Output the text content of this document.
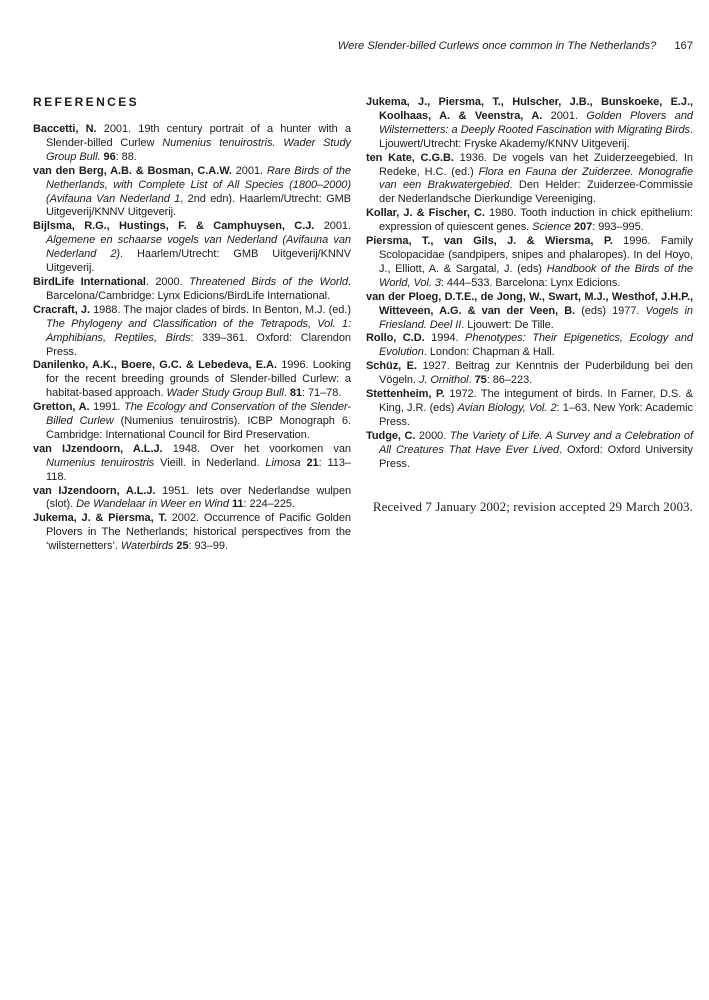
Were Slender-billed Curlews once common in The Netherlands? 167
REFERENCES

Baccetti, N. 2001. 19th century portrait of a hunter with a Slender-billed Curlew Numenius tenuirostris. Wader Study Group Bull. 96: 88.

van den Berg, A.B. & Bosman, C.A.W. 2001. Rare Birds of the Netherlands, with Complete List of All Species (1800–2000) (Avifauna Van Nederland 1, 2nd edn). Haarlem/Utrecht: GMB Uitgeverij/KNNV Uitgeverij.

Bijlsma, R.G., Hustings, F. & Camphuysen, C.J. 2001. Algemene en schaarse vogels van Nederland (Avifauna van Nederland 2). Haarlem/Utrecht: GMB Uitgeverij/KNNV Uitgeverij.

BirdLife International. 2000. Threatened Birds of the World. Barcelona/Cambridge: Lynx Edicions/BirdLife International.

Cracraft, J. 1988. The major clades of birds. In Benton, M.J. (ed.) The Phylogeny and Classification of the Tetrapods, Vol. 1: Amphibians, Reptiles, Birds: 339–361. Oxford: Clarendon Press.

Danilenko, A.K., Boere, G.C. & Lebedeva, E.A. 1996. Looking for the recent breeding grounds of Slender-billed Curlew: a habitat-based approach. Wader Study Group Bull. 81: 71–78.

Gretton, A. 1991. The Ecology and Conservation of the Slender-Billed Curlew (Numenius tenuirostris). ICBP Monograph 6. Cambridge: International Council for Bird Preservation.

van IJzendoorn, A.L.J. 1948. Over het voorkomen van Numenius tenuirostris Vieill. in Nederland. Limosa 21: 113–118.

van IJzendoorn, A.L.J. 1951. Iets over Nederlandse wulpen (slot). De Wandelaar in Weer en Wind 11: 224–225.

Jukema, J. & Piersma, T. 2002. Occurrence of Pacific Golden Plovers in The Netherlands; historical perspectives from the ‘wilsternetters’. Waterbirds 25: 93–99.

Jukema, J., Piersma, T., Hulscher, J.B., Bunskoeke, E.J., Koolhaas, A. & Veenstra, A. 2001. Golden Plovers and Wilsternetters: a Deeply Rooted Fascination with Migrating Birds. Ljouwert/Utrecht: Fryske Akademy/KNNV Uitgeverij.

ten Kate, C.G.B. 1936. De vogels van het Zuiderzeegebied. In Redeke, H.C. (ed.) Flora en Fauna der Zuiderzee. Monografie van een Brakwatergebied. Den Helder: Zuiderzee-Commissie der Nederlandsche Dierkundige Vereeniging.

Kollar, J. & Fischer, C. 1980. Tooth induction in chick epithelium: expression of quiescent genes. Science 207: 993–995.

Piersma, T., van Gils, J. & Wiersma, P. 1996. Family Scolopacidae (sandpipers, snipes and phalaropes). In del Hoyo, J., Elliott, A. & Sargatal, J. (eds) Handbook of the Birds of the World, Vol. 3: 444–533. Barcelona: Lynx Edicions.

van der Ploeg, D.T.E., de Jong, W., Swart, M.J., Westhof, J.H.P., Witteveen, A.G. & van der Veen, B. (eds) 1977. Vogels in Friesland. Deel II. Ljouwert: De Tille.

Rollo, C.D. 1994. Phenotypes: Their Epigenetics, Ecology and Evolution. London: Chapman & Hall.

Schüz, E. 1927. Beitrag zur Kenntnis der Puderbildung bei den Vögeln. J. Ornithol. 75: 86–223.

Stettenheim, P. 1972. The integument of birds. In Farner, D.S. & King, J.R. (eds) Avian Biology, Vol. 2: 1–63. New York: Academic Press.

Tudge, C. 2000. The Variety of Life. A Survey and a Celebration of All Creatures That Have Ever Lived. Oxford: Oxford University Press.

Received 7 January 2002; revision accepted 29 March 2003.
